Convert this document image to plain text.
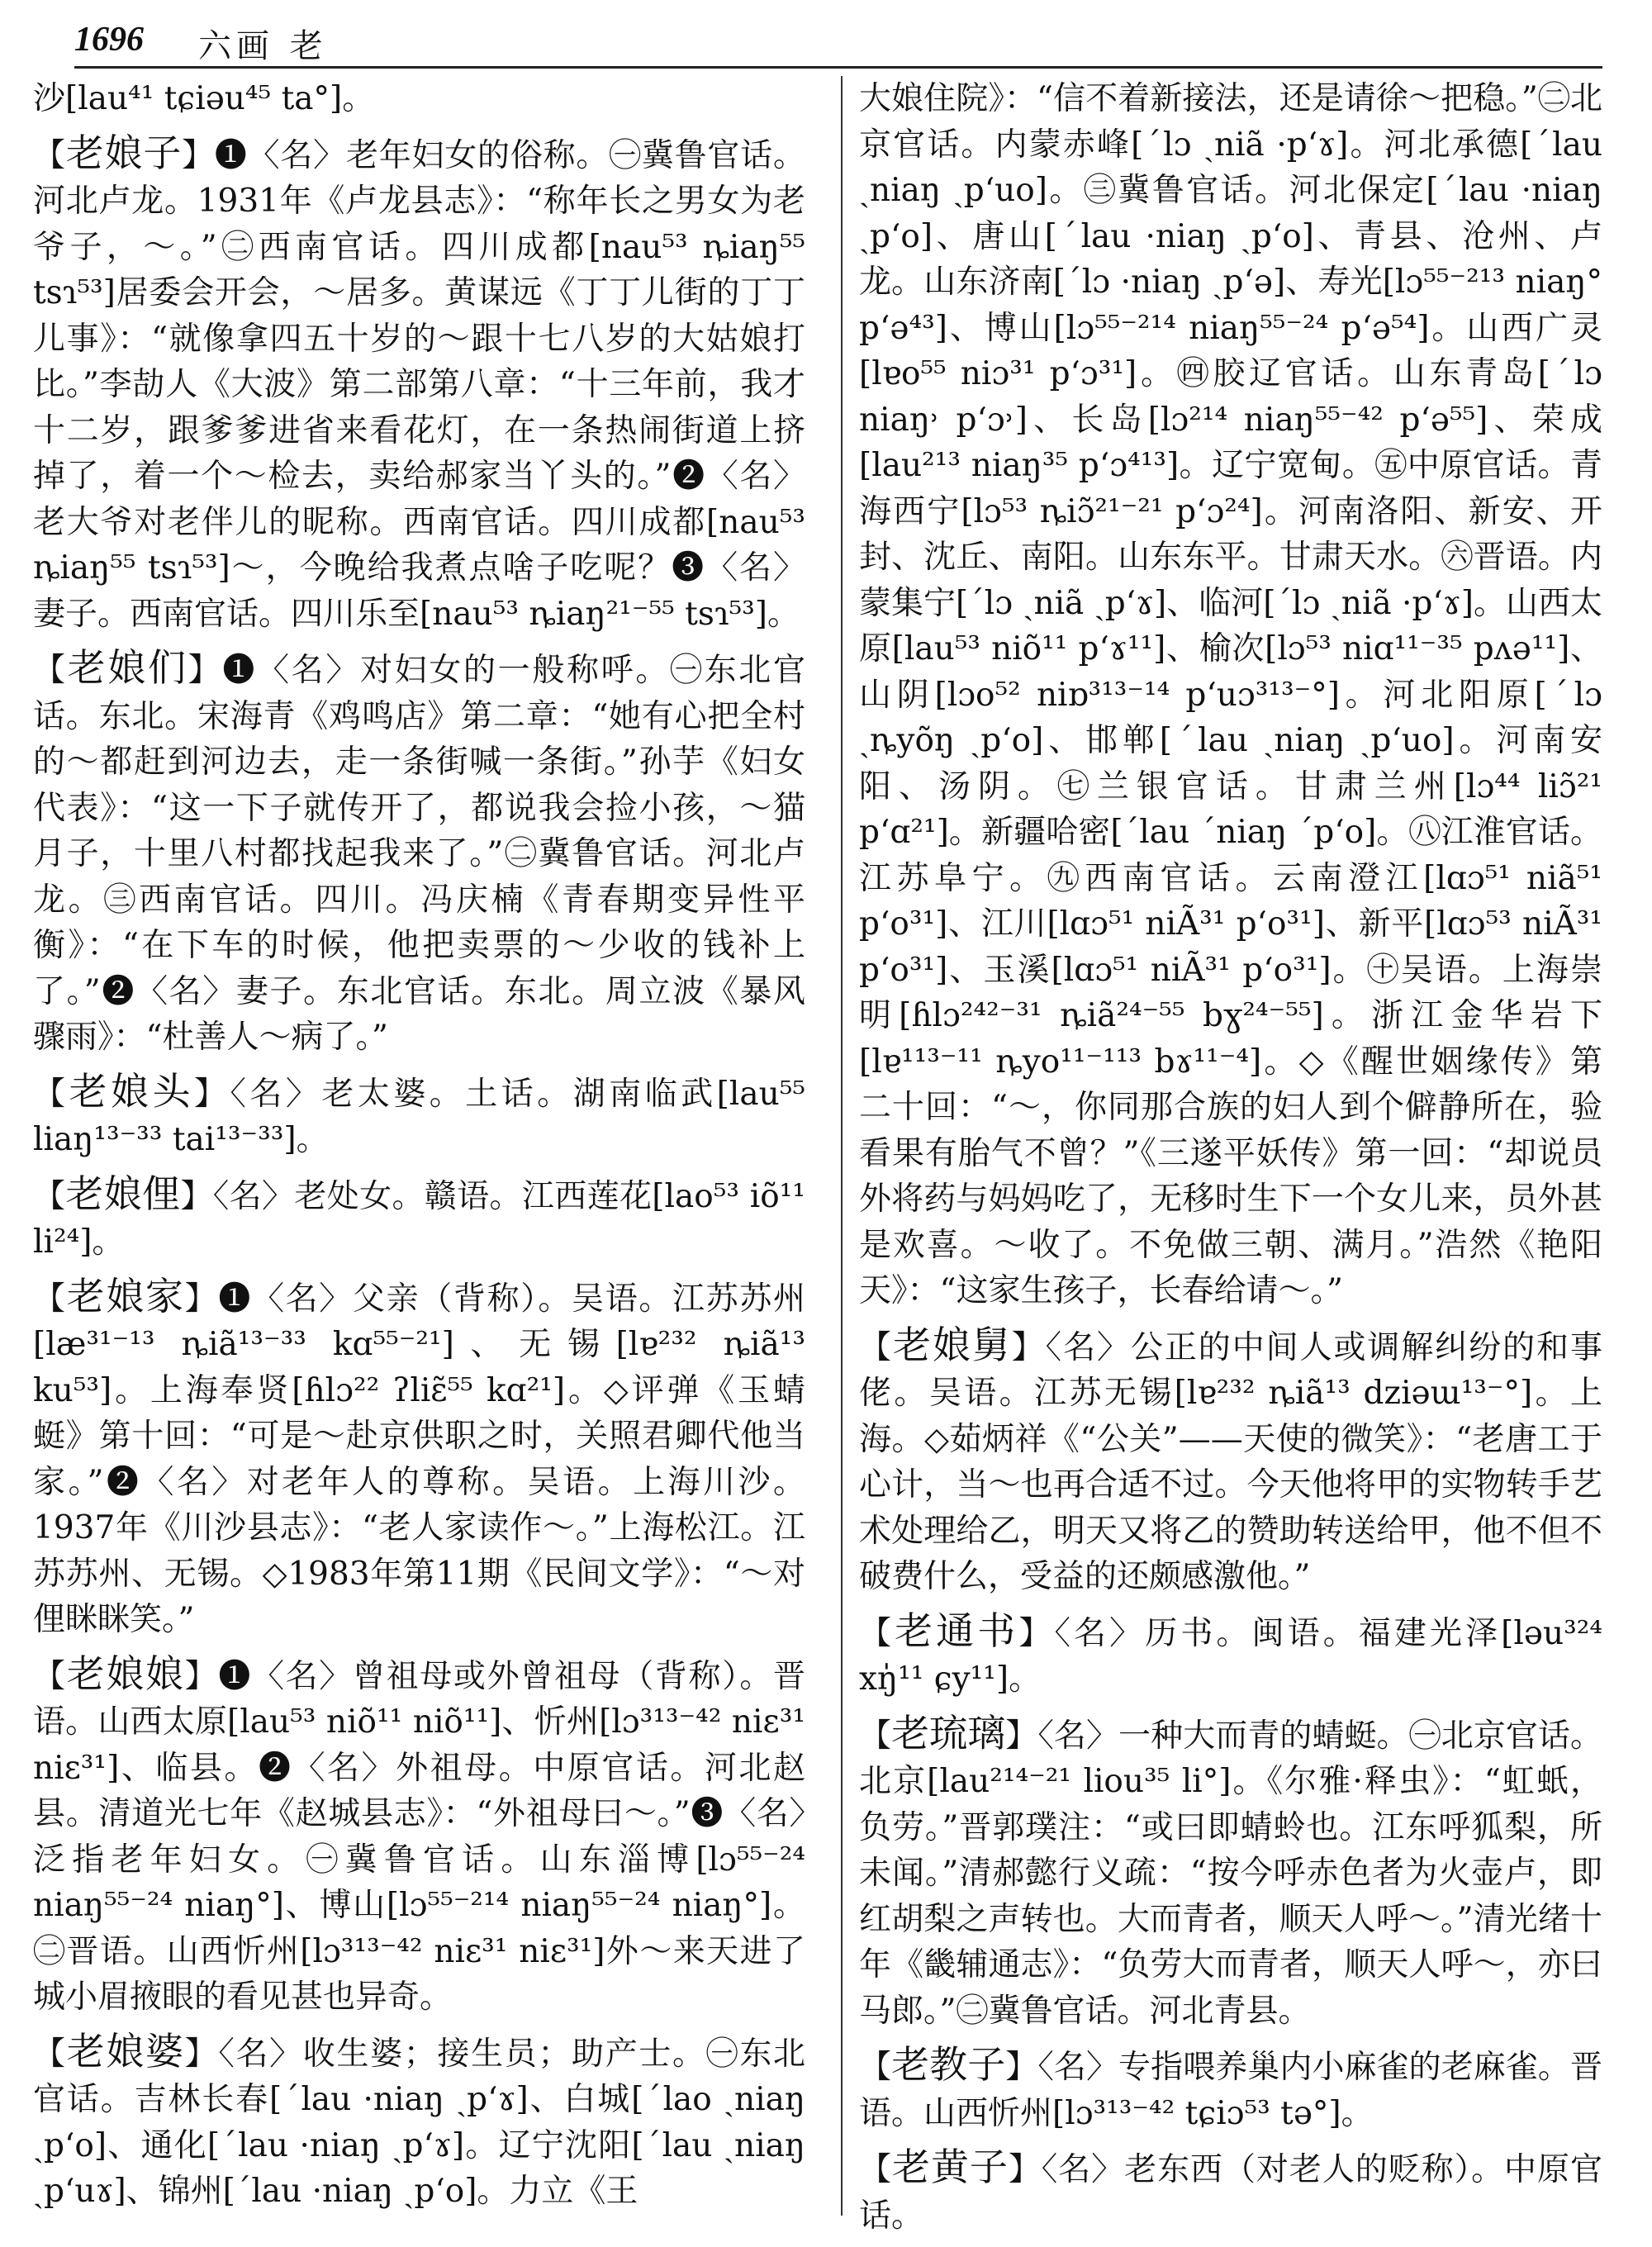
1696 六画 老

沙[lau⁴¹ tɕiəu⁴⁵ ta°]。

【老娘子】❶〈名〉老年妇女的俗称。㊀冀鲁官话。河北卢龙。1931年《卢龙县志》：“称年长之男女为老爷子，～。”㊁西南官话。四川成都[nau⁵³ ȵiaŋ⁵⁵ tsɿ⁵³]居委会开会，～居多。黄谋远《丁丁儿街的丁丁儿事》：“就像拿四五十岁的～跟十七八岁的大姑娘打比。”李劼人《大波》第二部第八章：“十三年前，我才十二岁，跟爹爹进省来看花灯，在一条热闹街道上挤掉了，着一个～检去，卖给郝家当丫头的。”❷〈名〉老大爷对老伴儿的昵称。西南官话。四川成都[nau⁵³ ȵiaŋ⁵⁵ tsɿ⁵³]～，今晚给我煮点啥子吃呢？❸〈名〉妻子。西南官话。四川乐至[nau⁵³ ȵiaŋ²¹⁻⁵⁵ tsɿ⁵³]。

【老娘们】❶〈名〉对妇女的一般称呼。㊀东北官话。东北。宋海青《鸡鸣店》第二章：“她有心把全村的～都赶到河边去，走一条街喊一条街。”孙芋《妇女代表》：“这一下子就传开了，都说我会捡小孩，～猫月子，十里八村都找起我来了。”㊁冀鲁官话。河北卢龙。㊂西南官话。四川。冯庆楠《青春期变异性平衡》：“在下车的时候，他把卖票的～少收的钱补上了。”❷〈名〉妻子。东北官话。东北。周立波《暴风骤雨》：“杜善人～病了。”

【老娘头】〈名〉老太婆。土话。湖南临武[lau⁵⁵ liaŋ¹³⁻³³ tai¹³⁻³³]。

【老娘俚】〈名〉老处女。赣语。江西莲花[lao⁵³ iõ¹¹ li²⁴]。

【老娘家】❶〈名〉父亲（背称）。吴语。江苏苏州[læ³¹⁻¹³ ȵiã¹³⁻³³ kɑ⁵⁵⁻²¹]、无锡[lɐ²³² ȵiã¹³ ku⁵³]。上海奉贤[ɦlɔ²² ʔliɛ̃⁵⁵ kɑ²¹]。◇评弹《玉蜻蜓》第十回：“可是～赴京供职之时，关照君卿代他当家。”❷〈名〉对老年人的尊称。吴语。上海川沙。1937年《川沙县志》：“老人家读作～。”上海松江。江苏苏州、无锡。◇1983年第11期《民间文学》：“～对俚眯眯笑。”

【老娘娘】❶〈名〉曾祖母或外曾祖母（背称）。晋语。山西太原[lau⁵³ niõ¹¹ niõ¹¹]、忻州[lɔ³¹³⁻⁴² niɛ³¹ niɛ³¹]、临县。❷〈名〉外祖母。中原官话。河北赵县。清道光七年《赵城县志》：“外祖母曰～。”❸〈名〉泛指老年妇女。㊀冀鲁官话。山东淄博[lɔ⁵⁵⁻²⁴ niaŋ⁵⁵⁻²⁴ niaŋ°]、博山[lɔ⁵⁵⁻²¹⁴ niaŋ⁵⁵⁻²⁴ niaŋ°]。㊁晋语。山西忻州[lɔ³¹³⁻⁴² niɛ³¹ niɛ³¹]外～来天进了城小眉掖眼的看见甚也异奇。

【老娘婆】〈名〉收生婆；接生员；助产士。㊀东北官话。吉林长春[ˊlau ·niaŋ ˏpʻɤ]、白城[ˊlao ˏniaŋ ˏpʻo]、通化[ˊlau ·niaŋ ˏpʻɤ]。辽宁沈阳[ˊlau ˏniaŋ ˏpʻuɤ]、锦州[ˊlau ·niaŋ ˏpʻo]。力立《王

大娘住院》：“信不着新接法，还是请徐～把稳。”㊁北京官话。内蒙赤峰[ˊlɔ ˏniã ·pʻɤ]。河北承德[ˊlau ˏniaŋ ˏpʻuo]。㊂冀鲁官话。河北保定[ˊlau ·niaŋ ˏpʻo]、唐山[ˊlau ·niaŋ ˏpʻo]、青县、沧州、卢龙。山东济南[ˊlɔ ·niaŋ ˏpʻə]、寿光[lɔ⁵⁵⁻²¹³ niaŋ° pʻə⁴³]、博山[lɔ⁵⁵⁻²¹⁴ niaŋ⁵⁵⁻²⁴ pʻə⁵⁴]。山西广灵[lɐo⁵⁵ niɔ³¹ pʻɔ³¹]。㊃胶辽官话。山东青岛[ˊlɔ niaŋ˒ pʻɔ˒]、长岛[lɔ²¹⁴ niaŋ⁵⁵⁻⁴² pʻə⁵⁵]、荣成[lau²¹³ niaŋ³⁵ pʻɔ⁴¹³]。辽宁宽甸。㊄中原官话。青海西宁[lɔ⁵³ ȵiɔ̃²¹⁻²¹ pʻɔ²⁴]。河南洛阳、新安、开封、沈丘、南阳。山东东平。甘肃天水。㊅晋语。内蒙集宁[ˊlɔ ˏniã ˏpʻɤ]、临河[ˊlɔ ˏniã ·pʻɤ]。山西太原[lau⁵³ niõ¹¹ pʻɤ¹¹]、榆次[lɔ⁵³ niɑ¹¹⁻³⁵ pʌə¹¹]、山阴[lɔo⁵² niɒ³¹³⁻¹⁴ pʻuɔ³¹³⁻°]。河北阳原[ˊlɔ ˏȵyõŋ ˏpʻo]、邯郸[ˊlau ˏniaŋ ˏpʻuo]。河南安阳、汤阴。㊆兰银官话。甘肃兰州[lɔ⁴⁴ liɔ̃²¹ pʻɑ²¹]。新疆哈密[ˊlau ˊniaŋ ˊpʻo]。㊇江淮官话。江苏阜宁。㊈西南官话。云南澄江[lɑɔ⁵¹ niã⁵¹ pʻo³¹]、江川[lɑɔ⁵¹ niÃ³¹ pʻo³¹]、新平[lɑɔ⁵³ niÃ³¹ pʻo³¹]、玉溪[lɑɔ⁵¹ niÃ³¹ pʻo³¹]。㊉吴语。上海崇明[ɦlɔ²⁴²⁻³¹ ȵiã²⁴⁻⁵⁵ bɣ²⁴⁻⁵⁵]。浙江金华岩下[lɐ¹¹³⁻¹¹ ȵyo¹¹⁻¹¹³ bɤ¹¹⁻⁴]。◇《醒世姻缘传》第二十回：“～，你同那合族的妇人到个僻静所在，验看果有胎气不曾？”《三遂平妖传》第一回：“却说员外将药与妈妈吃了，无移时生下一个女儿来，员外甚是欢喜。～收了。不免做三朝、满月。”浩然《艳阳天》：“这家生孩子，长春给请～。”

【老娘舅】〈名〉公正的中间人或调解纠纷的和事佬。吴语。江苏无锡[lɐ²³² ȵiã¹³ dziəɯ¹³⁻°]。上海。◇茹炳祥《“公关”——天使的微笑》：“老唐工于心计，当～也再合适不过。今天他将甲的实物转手艺术处理给乙，明天又将乙的赞助转送给甲，他不但不破费什么，受益的还颇感激他。”

【老通书】〈名〉历书。闽语。福建光泽[ləu³²⁴ xŋ̍¹¹ ɕy¹¹]。

【老琉璃】〈名〉一种大而青的蜻蜓。㊀北京官话。北京[lau²¹⁴⁻²¹ liou³⁵ li°]。《尔雅·释虫》：“虹蚔，负劳。”晋郭璞注：“或曰即蜻蛉也。江东呼狐梨，所未闻。”清郝懿行义疏：“按今呼赤色者为火壶卢，即红胡梨之声转也。大而青者，顺天人呼～。”清光绪十年《畿辅通志》：“负劳大而青者，顺天人呼～，亦曰马郎。”㊁冀鲁官话。河北青县。

【老教子】〈名〉专指喂养巢内小麻雀的老麻雀。晋语。山西忻州[lɔ³¹³⁻⁴² tɕiɔ⁵³ tə°]。

【老黄子】〈名〉老东西（对老人的贬称）。中原官话。
